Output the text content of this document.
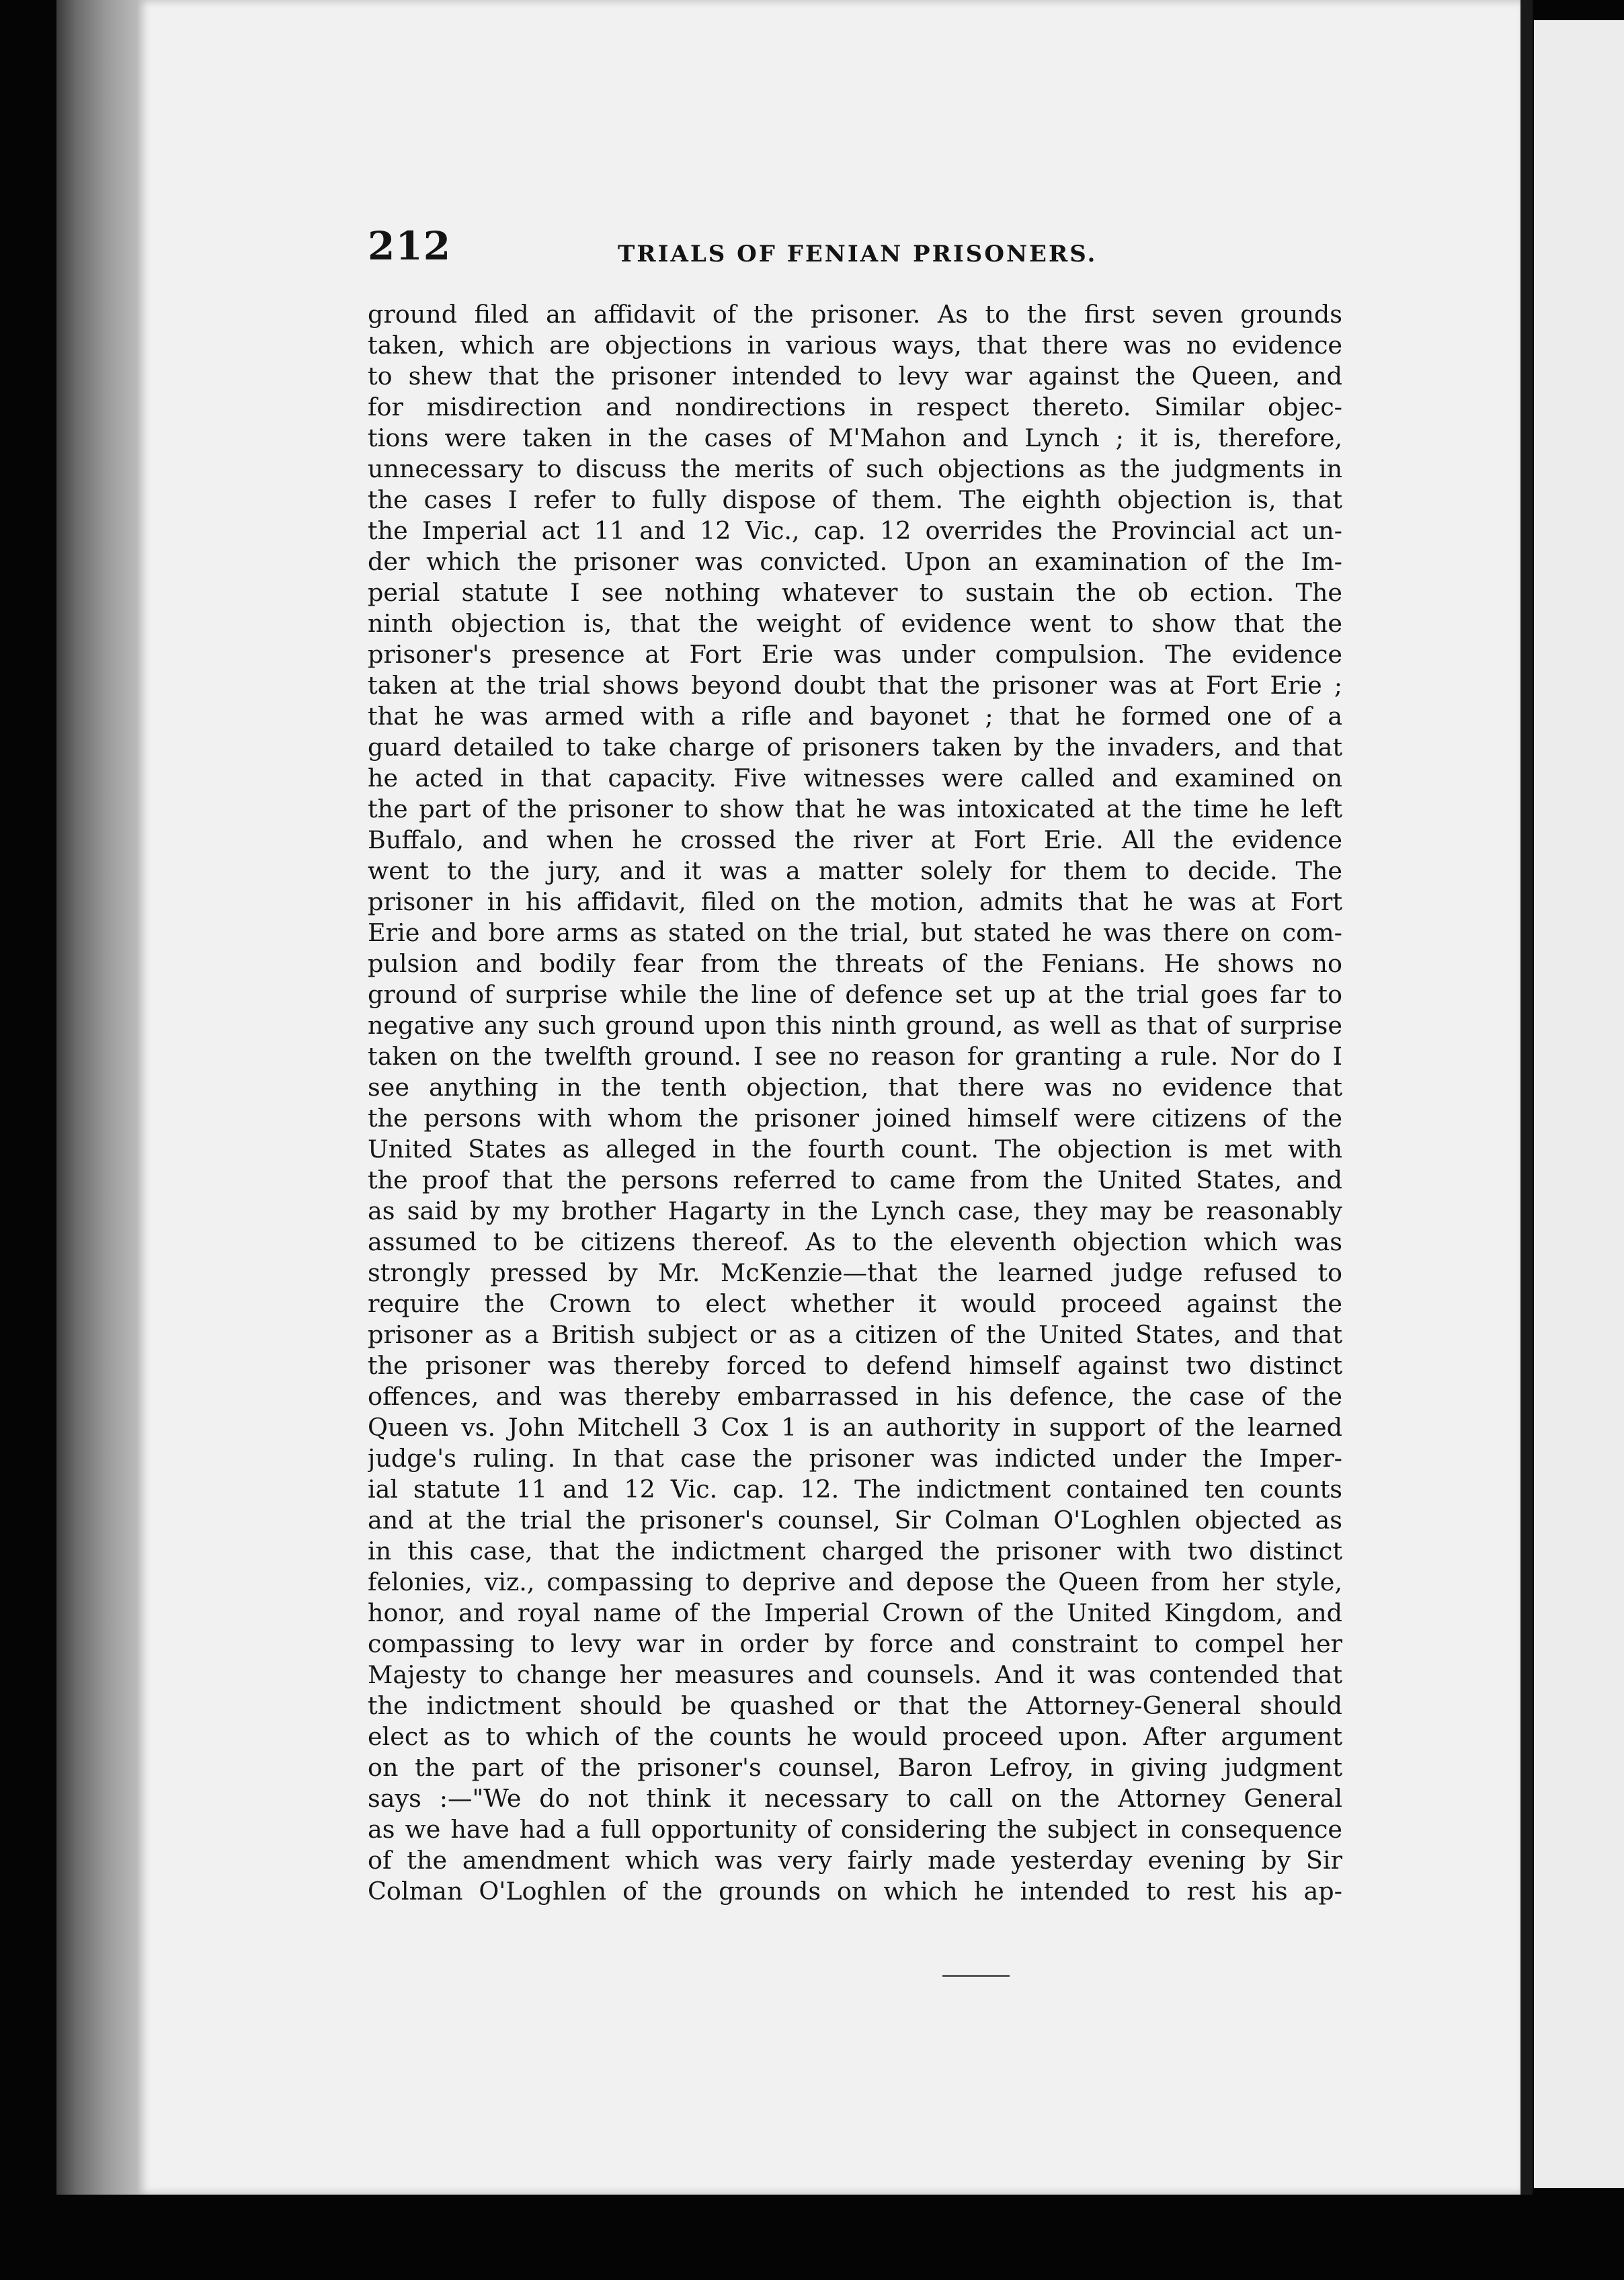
212	TRIALS OF FENIAN PRISONERS.
ground filed an affidavit of the prisoner. As to the first seven grounds
taken, which are objections in various ways, that there was no evidence
to shew that the prisoner intended to levy war against the Queen, and
for misdirection and nondirections in respect thereto. Similar objec-
tions were taken in the cases of M'Mahon and Lynch ; it is, therefore,
unnecessary to discuss the merits of such objections as the judgments in
the cases I refer to fully dispose of them. The eighth objection is, that
the Imperial act 11 and 12 Vic., cap. 12 overrides the Provincial act un-
der which the prisoner was convicted. Upon an examination of the Im-
perial statute I see nothing whatever to sustain the ob ection. The
ninth objection is, that the weight of evidence went to show that the
prisoner's presence at Fort Erie was under compulsion. The evidence
taken at the trial shows beyond doubt that the prisoner was at Fort Erie ;
that he was armed with a rifle and bayonet ; that he formed one of a
guard detailed to take charge of prisoners taken by the invaders, and that
he acted in that capacity. Five witnesses were called and examined on
the part of the prisoner to show that he was intoxicated at the time he left
Buffalo, and when he crossed the river at Fort Erie. All the evidence
went to the jury, and it was a matter solely for them to decide. The
prisoner in his affidavit, filed on the motion, admits that he was at Fort
Erie and bore arms as stated on the trial, but stated he was there on com-
pulsion and bodily fear from the threats of the Fenians. He shows no
ground of surprise while the line of defence set up at the trial goes far to
negative any such ground upon this ninth ground, as well as that of surprise
taken on the twelfth ground. I see no reason for granting a rule. Nor do I
see anything in the tenth objection, that there was no evidence that
the persons with whom the prisoner joined himself were citizens of the
United States as alleged in the fourth count. The objection is met with
the proof that the persons referred to came from the United States, and
as said by my brother Hagarty in the Lynch case, they may be reasonably
assumed to be citizens thereof. As to the eleventh objection which was
strongly pressed by Mr. McKenzie—that the learned judge refused to
require the Crown to elect whether it would proceed against the
prisoner as a British subject or as a citizen of the United States, and that
the prisoner was thereby forced to defend himself against two distinct
offences, and was thereby embarrassed in his defence, the case of the
Queen vs. John Mitchell 3 Cox 1 is an authority in support of the learned
judge's ruling. In that case the prisoner was indicted under the Imper-
ial statute 11 and 12 Vic. cap. 12. The indictment contained ten counts
and at the trial the prisoner's counsel, Sir Colman O'Loghlen objected as
in this case, that the indictment charged the prisoner with two distinct
felonies, viz., compassing to deprive and depose the Queen from her style,
honor, and royal name of the Imperial Crown of the United Kingdom, and
compassing to levy war in order by force and constraint to compel her
Majesty to change her measures and counsels. And it was contended that
the indictment should be quashed or that the Attorney-General should
elect as to which of the counts he would proceed upon. After argument
on the part of the prisoner's counsel, Baron Lefroy, in giving judgment
says :—"We do not think it necessary to call on the Attorney General
as we have had a full opportunity of considering the subject in consequence
of the amendment which was very fairly made yesterday evening by Sir
Colman O'Loghlen of the grounds on which he intended to rest his ap-
